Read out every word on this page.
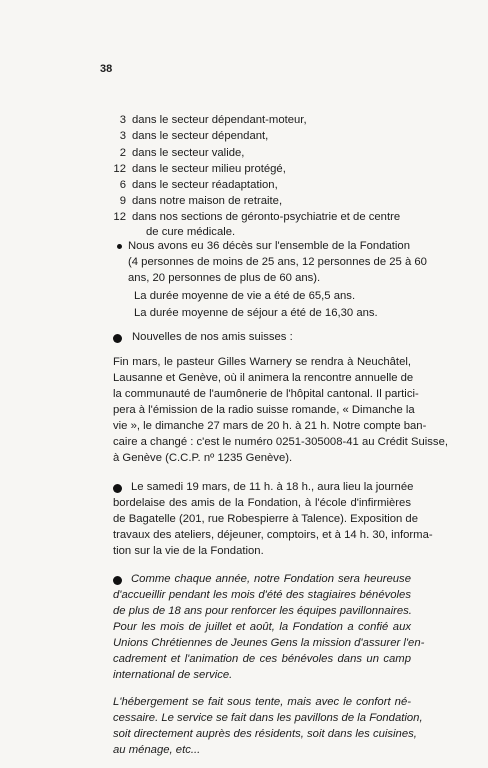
38
3 dans le secteur dépendant-moteur,
3 dans le secteur dépendant,
2 dans le secteur valide,
12 dans le secteur milieu protégé,
6 dans le secteur réadaptation,
9 dans notre maison de retraite,
12 dans nos sections de géronto-psychiatrie et de centre
de cure médicale.
Nous avons eu 36 décès sur l'ensemble de la Fondation
(4 personnes de moins de 25 ans, 12 personnes de 25 à 60
ans, 20 personnes de plus de 60 ans).
La durée moyenne de vie a été de 65,5 ans.
La durée moyenne de séjour a été de 16,30 ans.
Nouvelles de nos amis suisses :
Fin mars, le pasteur Gilles Warnery se rendra à Neuchâtel,
Lausanne et Genève, où il animera la rencontre annuelle de
la communauté de l'aumônerie de l'hôpital cantonal. Il partici-
pera à l'émission de la radio suisse romande, « Dimanche la
vie », le dimanche 27 mars de 20 h. à 21 h. Notre compte ban-
caire a changé : c'est le numéro 0251-305008-41 au Crédit Suisse,
à Genève (C.C.P. nº 1235 Genève).
Le samedi 19 mars, de 11 h. à 18 h., aura lieu la journée
bordelaise des amis de la Fondation, à l'école d'infirmières
de Bagatelle (201, rue Robespierre à Talence). Exposition de
travaux des ateliers, déjeuner, comptoirs, et à 14 h. 30, informa-
tion sur la vie de la Fondation.
Comme chaque année, notre Fondation sera heureuse
d'accueillir pendant les mois d'été des stagiaires bénévoles
de plus de 18 ans pour renforcer les équipes pavillonnaires.
Pour les mois de juillet et août, la Fondation a confié aux
Unions Chrétiennes de Jeunes Gens la mission d'assurer l'en-
cadrement et l'animation de ces bénévoles dans un camp
international de service.
L'hébergement se fait sous tente, mais avec le confort né-
cessaire. Le service se fait dans les pavillons de la Fondation,
soit directement auprès des résidents, soit dans les cuisines,
au ménage, etc...
